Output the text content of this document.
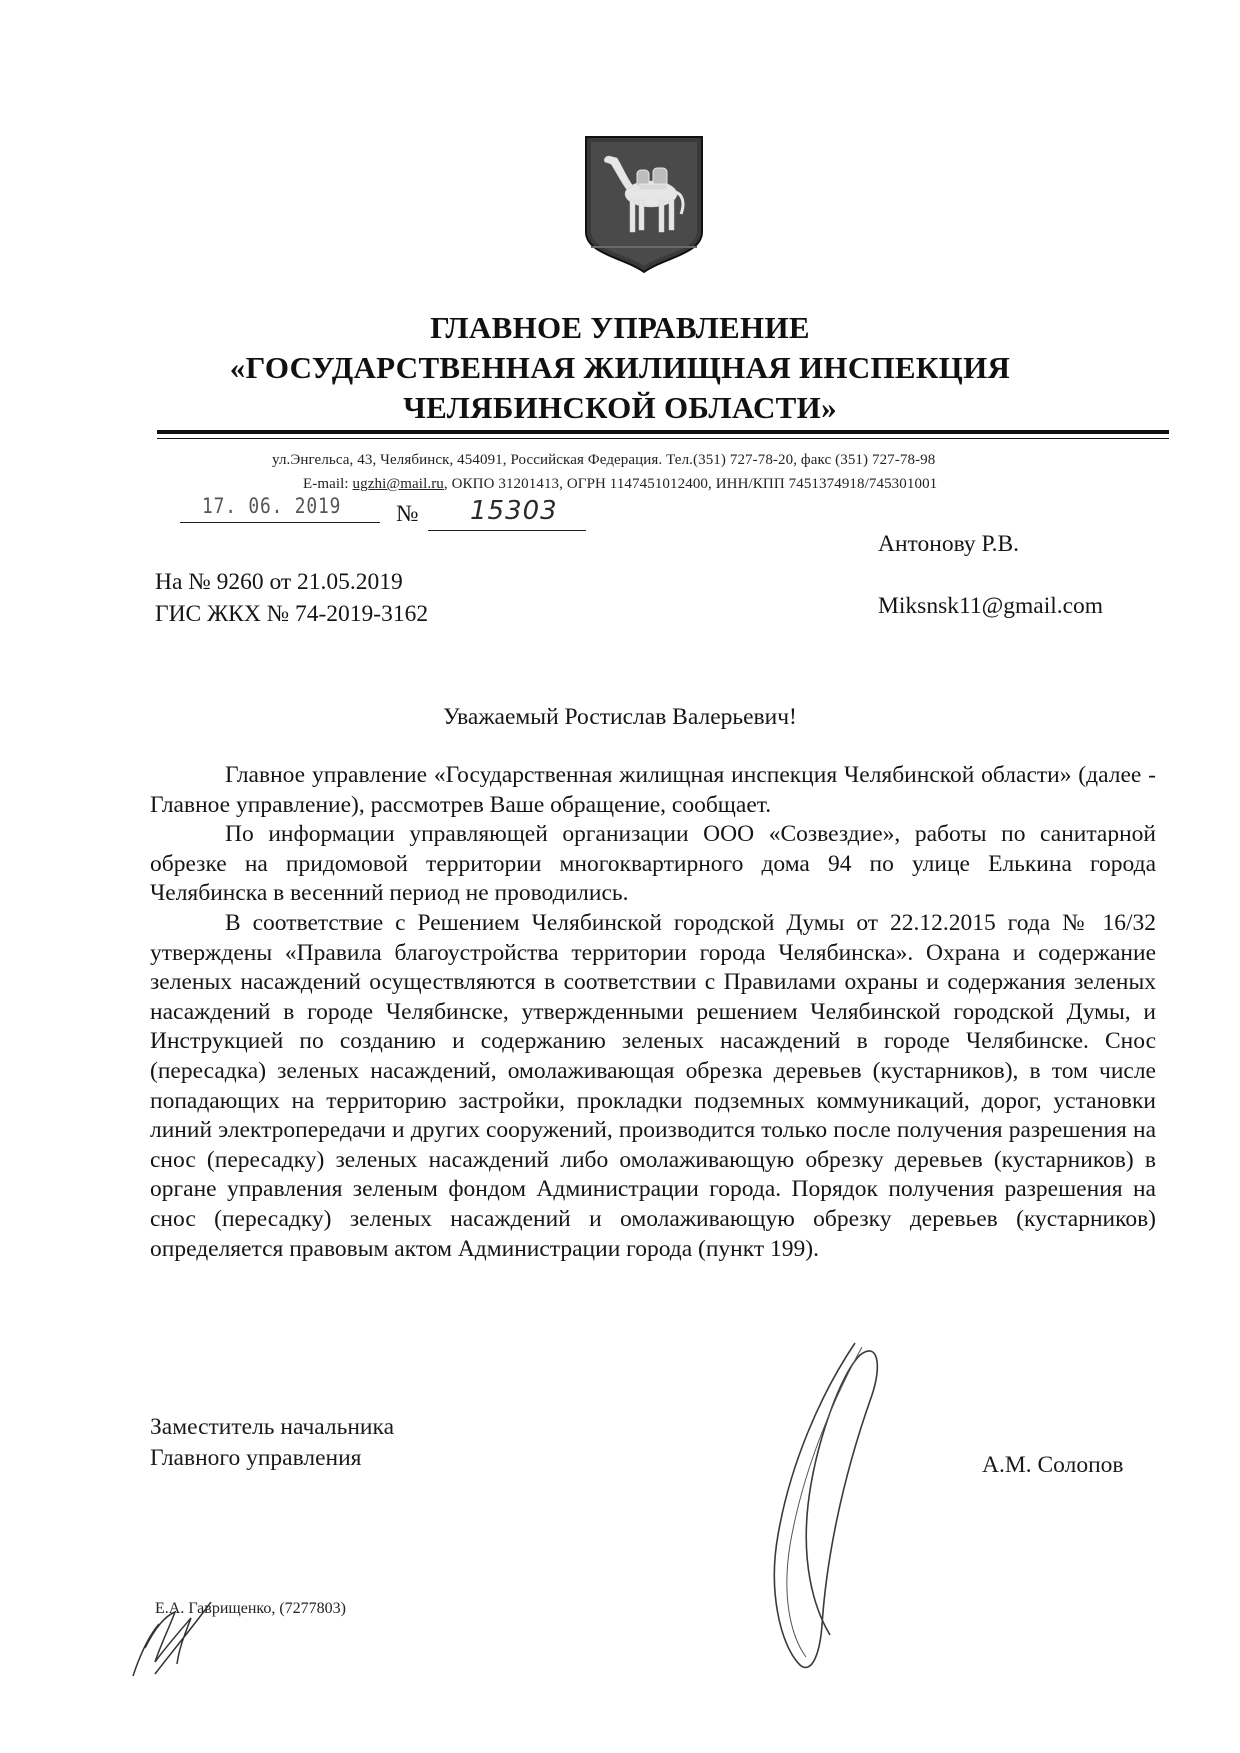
ГЛАВНОЕ УПРАВЛЕНИЕ
«ГОСУДАРСТВЕННАЯ ЖИЛИЩНАЯ ИНСПЕКЦИЯ
ЧЕЛЯБИНСКОЙ ОБЛАСТИ»
ул.Энгельса, 43, Челябинск, 454091, Российская Федерация. Тел.(351) 727-78-20, факс (351) 727-78-98
E-mail: ugzhi@mail.ru, ОКПО 31201413, ОГРН 1147451012400, ИНН/КПП 7451374918/745301001
17. 06. 2019 № 15303
Антонову Р.В.
Miksnsk11@gmail.com
На № 9260 от 21.05.2019
ГИС ЖКХ № 74-2019-3162
Уважаемый Ростислав Валерьевич!

Главное управление «Государственная жилищная инспекция Челябинской области» (далее - Главное управление), рассмотрев Ваше обращение, сообщает.

По информации управляющей организации ООО «Созвездие», работы по санитарной обрезке на придомовой территории многоквартирного дома 94 по улице Елькина города Челябинска в весенний период не проводились.

В соответствие с Решением Челябинской городской Думы от 22.12.2015 года № 16/32 утверждены «Правила благоустройства территории города Челябинска». Охрана и содержание зеленых насаждений осуществляются в соответствии с Правилами охраны и содержания зеленых насаждений в городе Челябинске, утвержденными решением Челябинской городской Думы, и Инструкцией по созданию и содержанию зеленых насаждений в городе Челябинске. Снос (пересадка) зеленых насаждений, омолаживающая обрезка деревьев (кустарников), в том числе попадающих на территорию застройки, прокладки подземных коммуникаций, дорог, установки линий электропередачи и других сооружений, производится только после получения разрешения на снос (пересадку) зеленых насаждений либо омолаживающую обрезку деревьев (кустарников) в органе управления зеленым фондом Администрации города. Порядок получения разрешения на снос (пересадку) зеленых насаждений и омолаживающую обрезку деревьев (кустарников) определяется правовым актом Администрации города (пункт 199).

Заместитель начальника
Главного управления	А.М. Солопов
Е.А. Гаврищенко, (7277803)
